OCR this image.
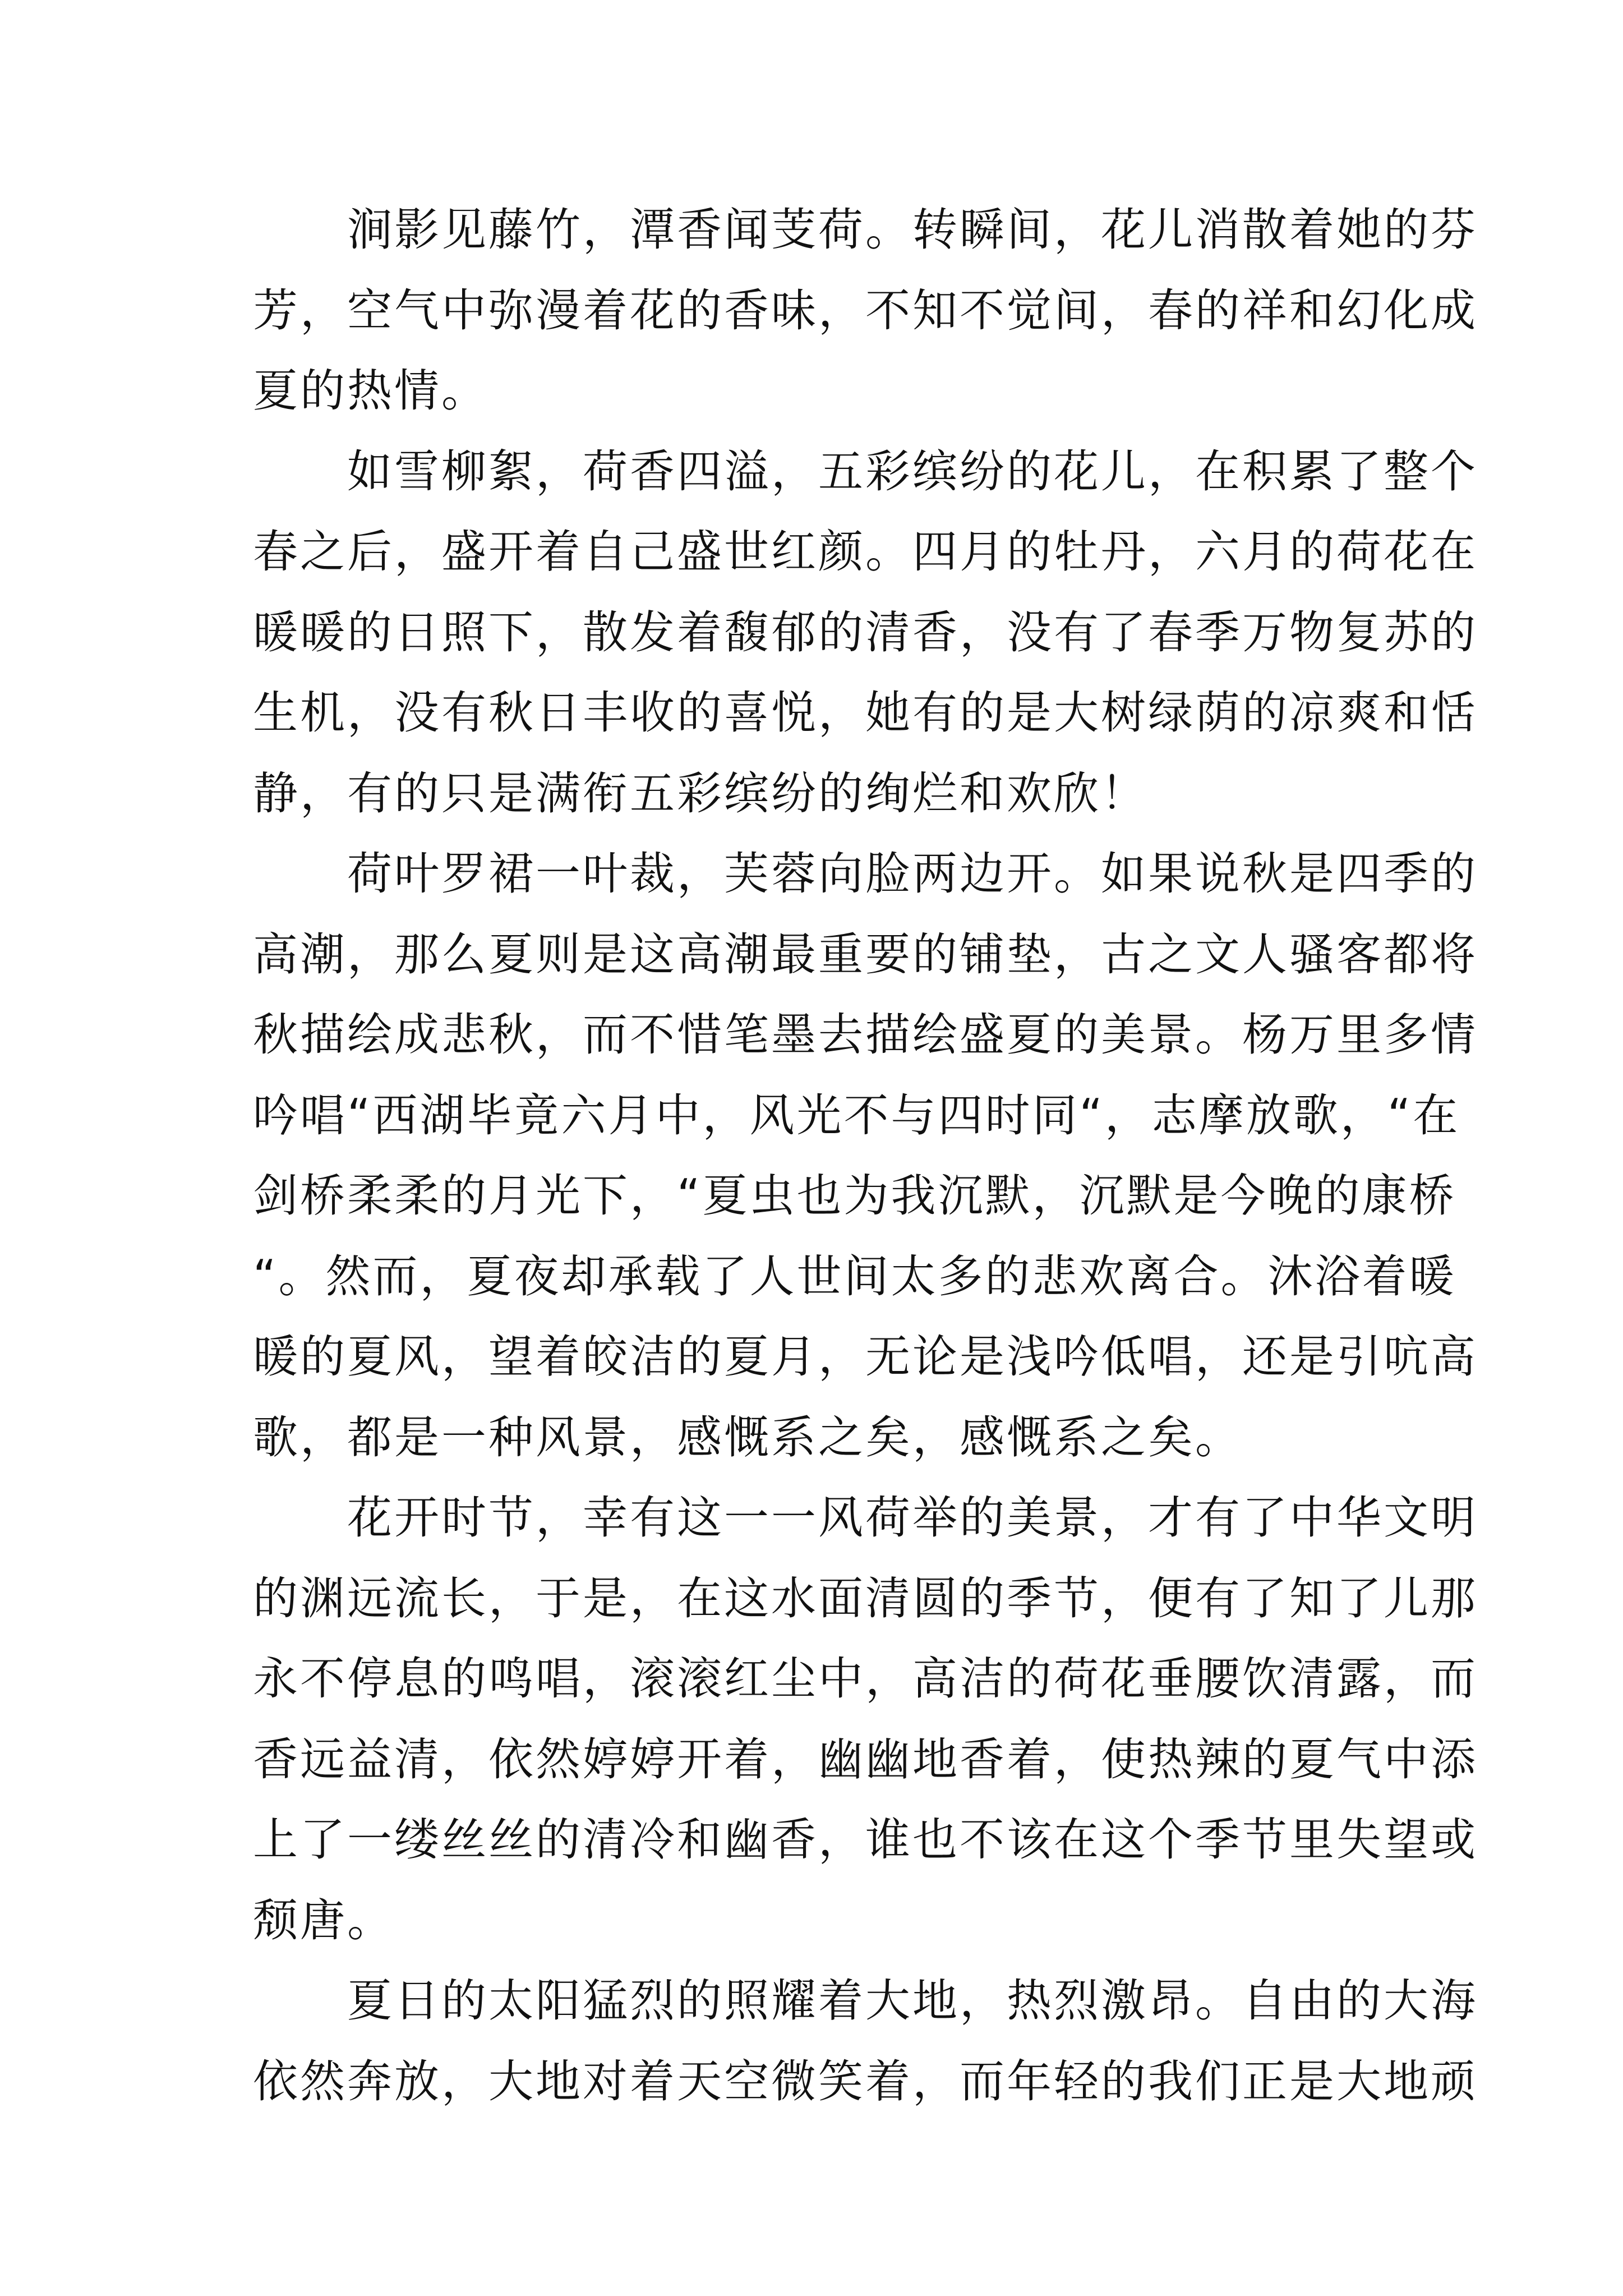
　　涧影见藤竹，潭香闻芰荷。转瞬间，花儿消散着她的芬
芳，空气中弥漫着花的香味，不知不觉间，春的祥和幻化成
夏的热情。
　　如雪柳絮，荷香四溢，五彩缤纷的花儿，在积累了整个
春之后，盛开着自己盛世红颜。四月的牡丹，六月的荷花在
暖暖的日照下，散发着馥郁的清香，没有了春季万物复苏的
生机，没有秋日丰收的喜悦，她有的是大树绿荫的凉爽和恬
静，有的只是满衔五彩缤纷的绚烂和欢欣！
　　荷叶罗裙一叶裁，芙蓉向脸两边开。如果说秋是四季的
高潮，那么夏则是这高潮最重要的铺垫，古之文人骚客都将
秋描绘成悲秋，而不惜笔墨去描绘盛夏的美景。杨万里多情
吟唱“西湖毕竟六月中，风光不与四时同“，志摩放歌，“在
剑桥柔柔的月光下，“夏虫也为我沉默，沉默是今晚的康桥
“。然而，夏夜却承载了人世间太多的悲欢离合。沐浴着暖
暖的夏风，望着皎洁的夏月，无论是浅吟低唱，还是引吭高
歌，都是一种风景，感慨系之矣，感慨系之矣。
　　花开时节，幸有这一一风荷举的美景，才有了中华文明
的渊远流长，于是，在这水面清圆的季节，便有了知了儿那
永不停息的鸣唱，滚滚红尘中，高洁的荷花垂腰饮清露，而
香远益清，依然婷婷开着，幽幽地香着，使热辣的夏气中添
上了一缕丝丝的清冷和幽香，谁也不该在这个季节里失望或
颓唐。
　　夏日的太阳猛烈的照耀着大地，热烈激昂。自由的大海
依然奔放，大地对着天空微笑着，而年轻的我们正是大地顽
